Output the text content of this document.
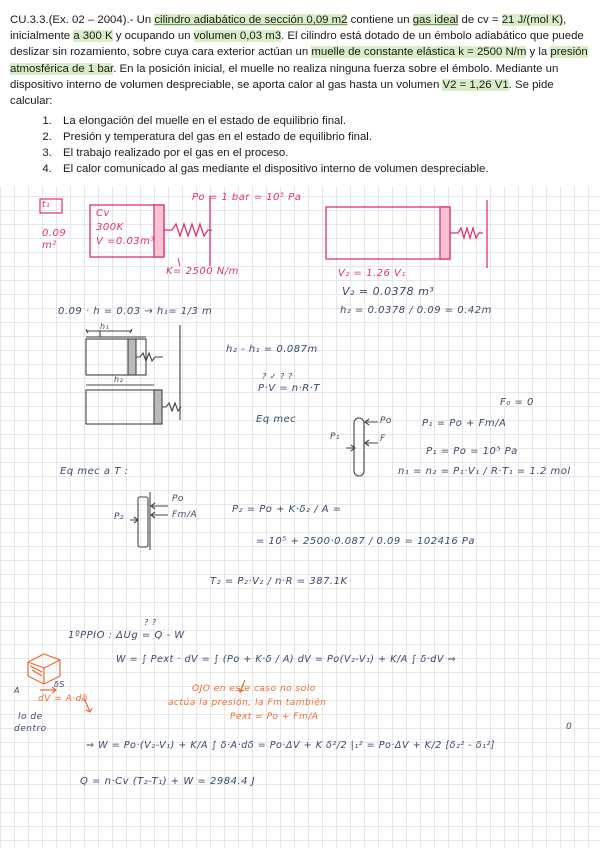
CU.3.3.(Ex. 02 – 2004).- Un cilindro adiabático de sección 0,09 m2 contiene un gas ideal de cv = 21 J/(mol K), inicialmente a 300 K y ocupando un volumen 0,03 m3. El cilindro está dotado de un émbolo adiabático que puede deslizar sin rozamiento, sobre cuya cara exterior actúan un muelle de constante elástica k = 2500 N/m y la presión atmosférica de 1 bar. En la posición inicial, el muelle no realiza ninguna fuerza sobre el émbolo. Mediante un dispositivo interno de volumen despreciable, se aporta calor al gas hasta un volumen V2 = 1,26 V1. Se pide calcular:
1. La elongación del muelle en el estado de equilibrio final.
2. Presión y temperatura del gas en el estado de equilibrio final.
3. El trabajo realizado por el gas en el proceso.
4. El calor comunicado al gas mediante el dispositivo interno de volumen despreciable.
t₁
0.09 m²
Cv
300K
V =0.03m³
Po = 1 bar = 10⁵ Pa
K= 2500 N/m	V₂ = 1.26 V₁
V₂ = 0.0378 m³
h₂ = 0.0378 / 0.09 = 0.42m
0.09 · h = 0.03 → h₁= 1/3 m
h₁
h₂
h₂ - h₁ = 0.087m
? ✓ ? ?
P·V = n·R·T
Eq mec
F₀ = 0
P₁
Po
F
P₁ = Po + Fm/A
P₁ = Po = 10⁵ Pa
n₁ = n₂ = P₁·V₁ / R·T₁ = 1.2 mol
Eq mec a T :
P₂
Po
Fm/A	P₂ = Po + K·δ₂ / A =
= 10⁵ + 2500·0.087 / 0.09 = 102416 Pa
T₂ = P₂·V₂ / n·R = 387.1K
? ?
1ºPPIO : ΔUg = Q - W
W = ∫ Pext · dV = ∫ (Po + K·δ / A) dV = Po(V₂-V₁) + K/A ∫ δ·dV ⇒
OJO en este caso no solo
actúa la presión, la Fm también
Pext = Po + Fm/A
dV = A·dδ
δS
A
lo de
dentro
⇒ W = Po·(V₂-V₁) + K/A ∫ δ·A·dδ = Po·ΔV + K δ²/2 |₁² = Po·ΔV + K/2 [δ₂² - δ₁²]
0
Q = n·Cv (T₂-T₁) + W = 2984.4 J
